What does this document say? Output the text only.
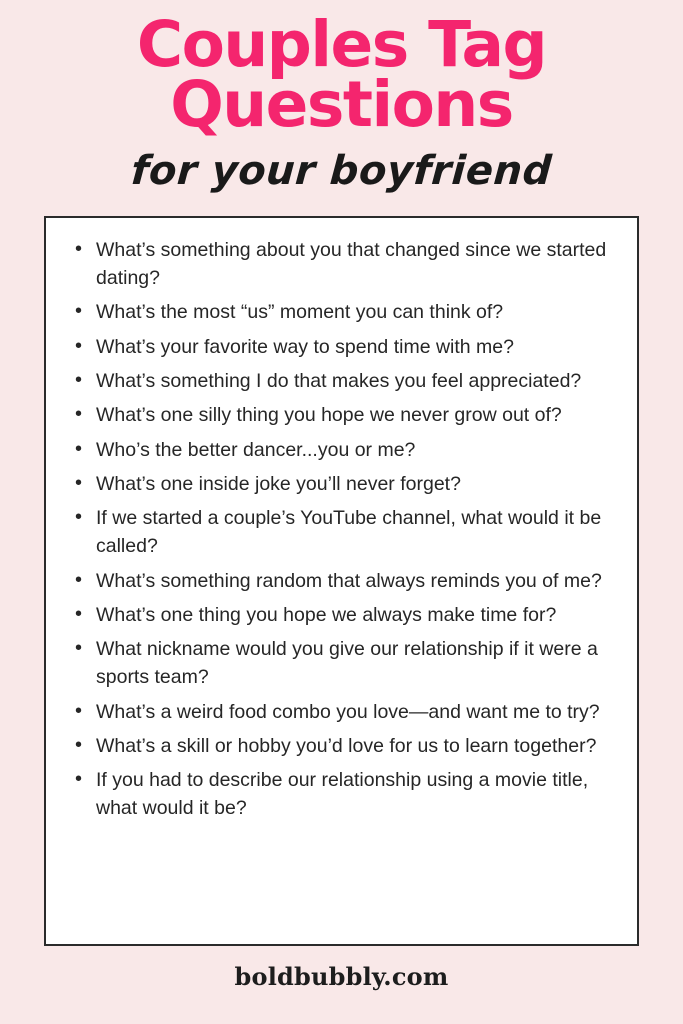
Couples Tag
Questions
for your boyfriend
• What’s something about you that changed since we started dating?
• What’s the most “us” moment you can think of?
• What’s your favorite way to spend time with me?
• What’s something I do that makes you feel appreciated?
• What’s one silly thing you hope we never grow out of?
• Who’s the better dancer...you or me?
• What’s one inside joke you’ll never forget?
• If we started a couple’s YouTube channel, what would it be called?
• What’s something random that always reminds you of me?
• What’s one thing you hope we always make time for?
• What nickname would you give our relationship if it were a sports team?
• What’s a weird food combo you love—and want me to try?
• What’s a skill or hobby you’d love for us to learn together?
• If you had to describe our relationship using a movie title, what would it be?
boldbubbly.com
